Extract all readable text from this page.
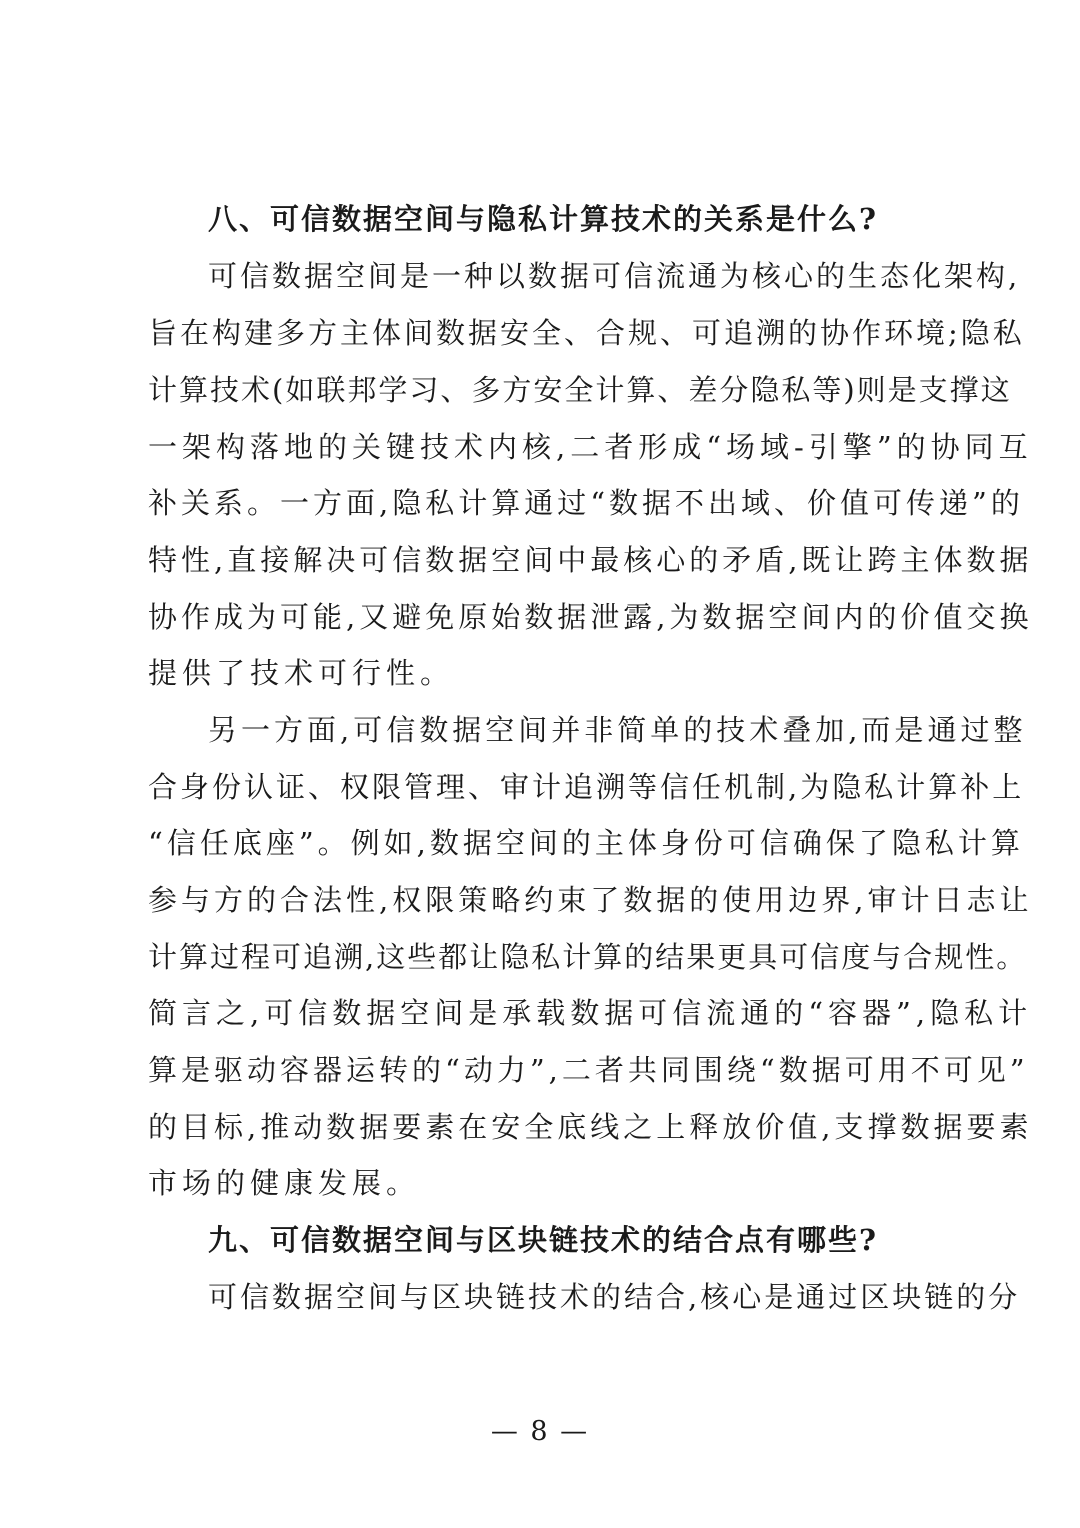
八、可信数据空间与隐私计算技术的关系是什么?
可信数据空间是一种以数据可信流通为核心的生态化架构,
旨在构建多方主体间数据安全、合规、可追溯的协作环境;隐私
计算技术(如联邦学习、多方安全计算、差分隐私等)则是支撑这
一架构落地的关键技术内核,二者形成“场域-引擎”的协同互
补关系。一方面,隐私计算通过“数据不出域、价值可传递”的
特性,直接解决可信数据空间中最核心的矛盾,既让跨主体数据
协作成为可能,又避免原始数据泄露,为数据空间内的价值交换
提供了技术可行性。
另一方面,可信数据空间并非简单的技术叠加,而是通过整
合身份认证、权限管理、审计追溯等信任机制,为隐私计算补上
“信任底座”。例如,数据空间的主体身份可信确保了隐私计算
参与方的合法性,权限策略约束了数据的使用边界,审计日志让
计算过程可追溯,这些都让隐私计算的结果更具可信度与合规性。
简言之,可信数据空间是承载数据可信流通的“容器”,隐私计
算是驱动容器运转的“动力”,二者共同围绕“数据可用不可见”
的目标,推动数据要素在安全底线之上释放价值,支撑数据要素
市场的健康发展。
九、可信数据空间与区块链技术的结合点有哪些?
可信数据空间与区块链技术的结合,核心是通过区块链的分
— 8 —
